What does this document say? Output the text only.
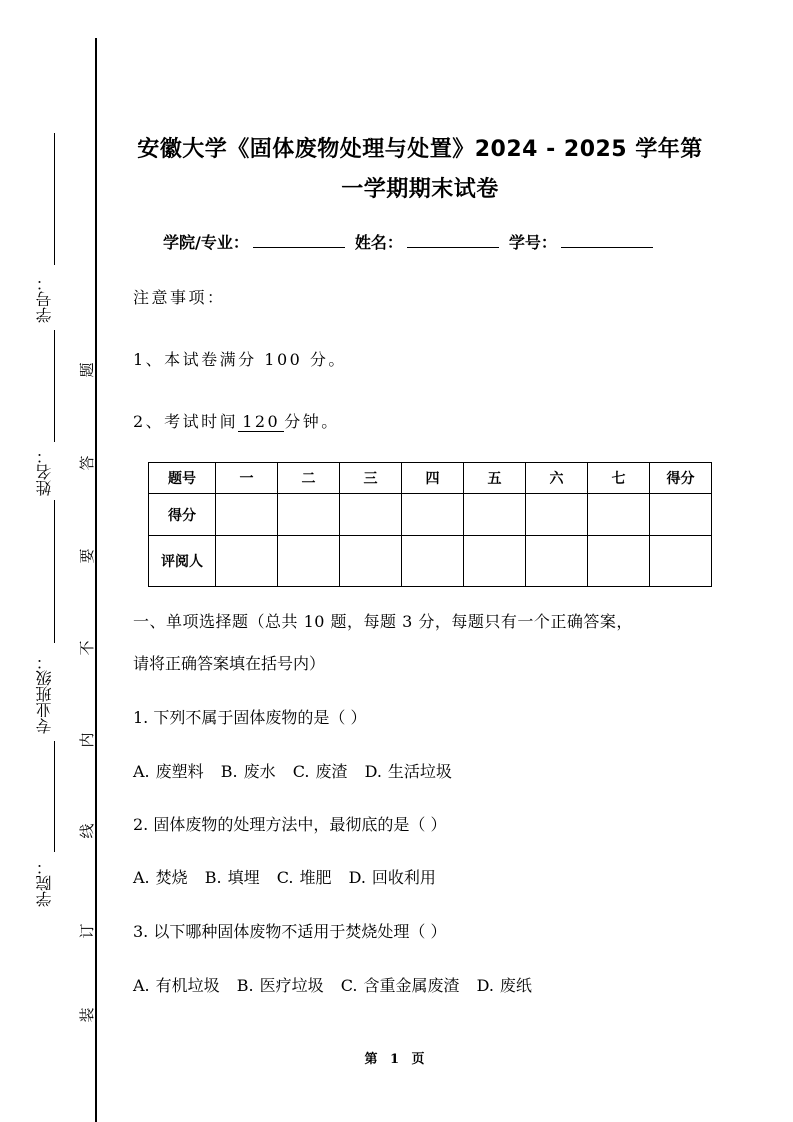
学号：
姓名：
专业班级：
学院：
题
答
要
不
内
线
订
装
安徽大学《固体废物处理与处置》2024 - 2025 学年第
一学期期末试卷
学院/专业：	姓名：	学号：
注意事项：
1、本试卷满分 100 分。
2、考试时间 120 分钟。
题号	一	二	三	四	五	六	七	得分
得分								
评阅人								
一、单项选择题（总共 10 题，每题 3 分，每题只有一个正确答案，
请将正确答案填在括号内）
1. 下列不属于固体废物的是（ ）
A. 废塑料 B. 废水 C. 废渣 D. 生活垃圾
2. 固体废物的处理方法中，最彻底的是（ ）
A. 焚烧 B. 填埋 C. 堆肥 D. 回收利用
3. 以下哪种固体废物不适用于焚烧处理（ ）
A. 有机垃圾 B. 医疗垃圾 C. 含重金属废渣 D. 废纸
第 1 页
